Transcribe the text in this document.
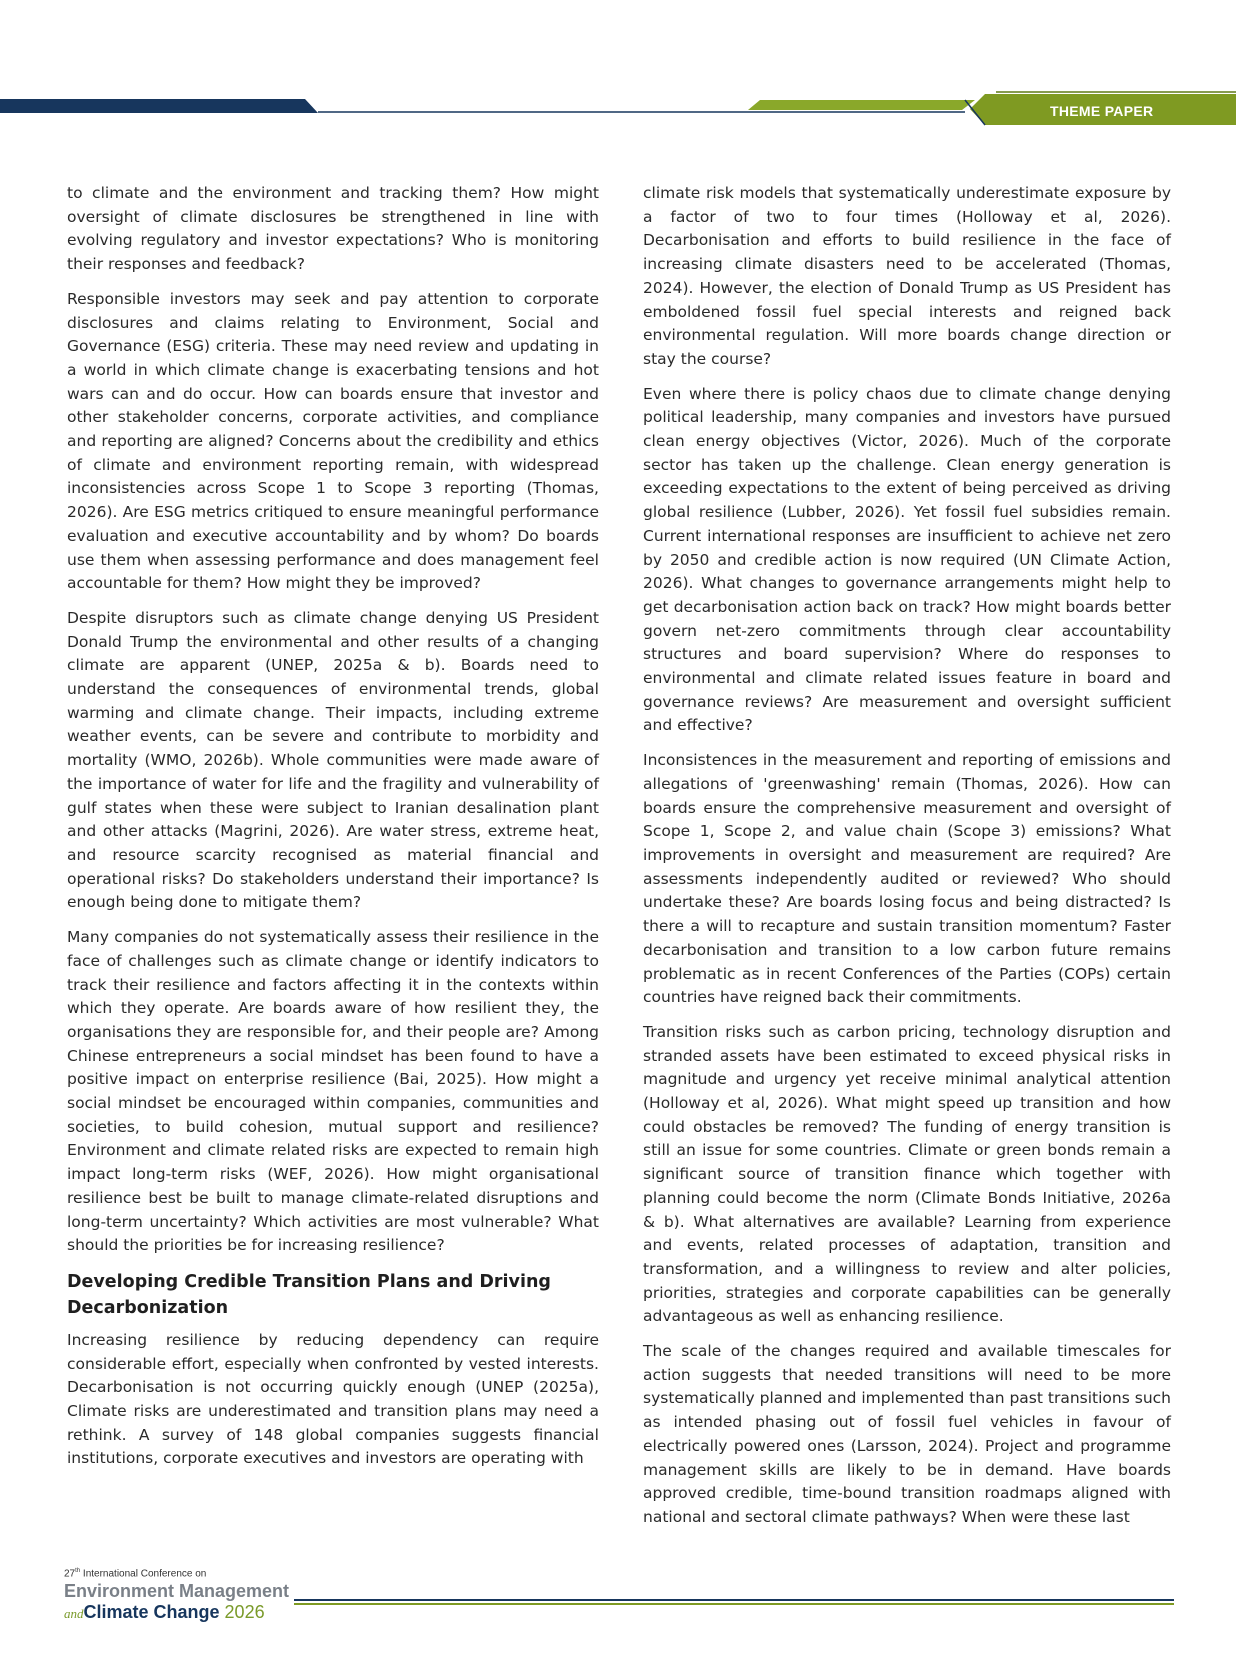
THEME PAPER

to climate and the environment and tracking them? How might oversight of climate disclosures be strengthened in line with evolving regulatory and investor expectations? Who is monitoring their responses and feedback?

Responsible investors may seek and pay attention to corporate disclosures and claims relating to Environment, Social and Governance (ESG) criteria. These may need review and updating in a world in which climate change is exacerbating tensions and hot wars can and do occur. How can boards ensure that investor and other stakeholder concerns, corporate activities, and compliance and reporting are aligned? Concerns about the credibility and ethics of climate and environment reporting remain, with widespread inconsistencies across Scope 1 to Scope 3 reporting (Thomas, 2026). Are ESG metrics critiqued to ensure meaningful performance evaluation and executive accountability and by whom? Do boards use them when assessing performance and does management feel accountable for them? How might they be improved?

Despite disruptors such as climate change denying US President Donald Trump the environmental and other results of a changing climate are apparent (UNEP, 2025a & b). Boards need to understand the consequences of environmental trends, global warming and climate change. Their impacts, including extreme weather events, can be severe and contribute to morbidity and mortality (WMO, 2026b). Whole communities were made aware of the importance of water for life and the fragility and vulnerability of gulf states when these were subject to Iranian desalination plant and other attacks (Magrini, 2026). Are water stress, extreme heat, and resource scarcity recognised as material financial and operational risks? Do stakeholders understand their importance? Is enough being done to mitigate them?

Many companies do not systematically assess their resilience in the face of challenges such as climate change or identify indicators to track their resilience and factors affecting it in the contexts within which they operate. Are boards aware of how resilient they, the organisations they are responsible for, and their people are? Among Chinese entrepreneurs a social mindset has been found to have a positive impact on enterprise resilience (Bai, 2025). How might a social mindset be encouraged within companies, communities and societies, to build cohesion, mutual support and resilience? Environment and climate related risks are expected to remain high impact long-term risks (WEF, 2026). How might organisational resilience best be built to manage climate-related disruptions and long-term uncertainty? Which activities are most vulnerable? What should the priorities be for increasing resilience?

Developing Credible Transition Plans and Driving Decarbonization

Increasing resilience by reducing dependency can require considerable effort, especially when confronted by vested interests. Decarbonisation is not occurring quickly enough (UNEP (2025a), Climate risks are underestimated and transition plans may need a rethink. A survey of 148 global companies suggests financial institutions, corporate executives and investors are operating with

climate risk models that systematically underestimate exposure by a factor of two to four times (Holloway et al, 2026). Decarbonisation and efforts to build resilience in the face of increasing climate disasters need to be accelerated (Thomas, 2024). However, the election of Donald Trump as US President has emboldened fossil fuel special interests and reigned back environmental regulation. Will more boards change direction or stay the course?

Even where there is policy chaos due to climate change denying political leadership, many companies and investors have pursued clean energy objectives (Victor, 2026). Much of the corporate sector has taken up the challenge. Clean energy generation is exceeding expectations to the extent of being perceived as driving global resilience (Lubber, 2026). Yet fossil fuel subsidies remain. Current international responses are insufficient to achieve net zero by 2050 and credible action is now required (UN Climate Action, 2026). What changes to governance arrangements might help to get decarbonisation action back on track? How might boards better govern net-zero commitments through clear accountability structures and board supervision? Where do responses to environmental and climate related issues feature in board and governance reviews? Are measurement and oversight sufficient and effective?

Inconsistences in the measurement and reporting of emissions and allegations of 'greenwashing' remain (Thomas, 2026). How can boards ensure the comprehensive measurement and oversight of Scope 1, Scope 2, and value chain (Scope 3) emissions? What improvements in oversight and measurement are required? Are assessments independently audited or reviewed? Who should undertake these? Are boards losing focus and being distracted? Is there a will to recapture and sustain transition momentum? Faster decarbonisation and transition to a low carbon future remains problematic as in recent Conferences of the Parties (COPs) certain countries have reigned back their commitments.

Transition risks such as carbon pricing, technology disruption and stranded assets have been estimated to exceed physical risks in magnitude and urgency yet receive minimal analytical attention (Holloway et al, 2026). What might speed up transition and how could obstacles be removed? The funding of energy transition is still an issue for some countries. Climate or green bonds remain a significant source of transition finance which together with planning could become the norm (Climate Bonds Initiative, 2026a & b). What alternatives are available? Learning from experience and events, related processes of adaptation, transition and transformation, and a willingness to review and alter policies, priorities, strategies and corporate capabilities can be generally advantageous as well as enhancing resilience.

The scale of the changes required and available timescales for action suggests that needed transitions will need to be more systematically planned and implemented than past transitions such as intended phasing out of fossil fuel vehicles in favour of electrically powered ones (Larsson, 2024). Project and programme management skills are likely to be in demand. Have boards approved credible, time-bound transition roadmaps aligned with national and sectoral climate pathways? When were these last

27th International Conference on
Environment Management
andClimate Change 2026
